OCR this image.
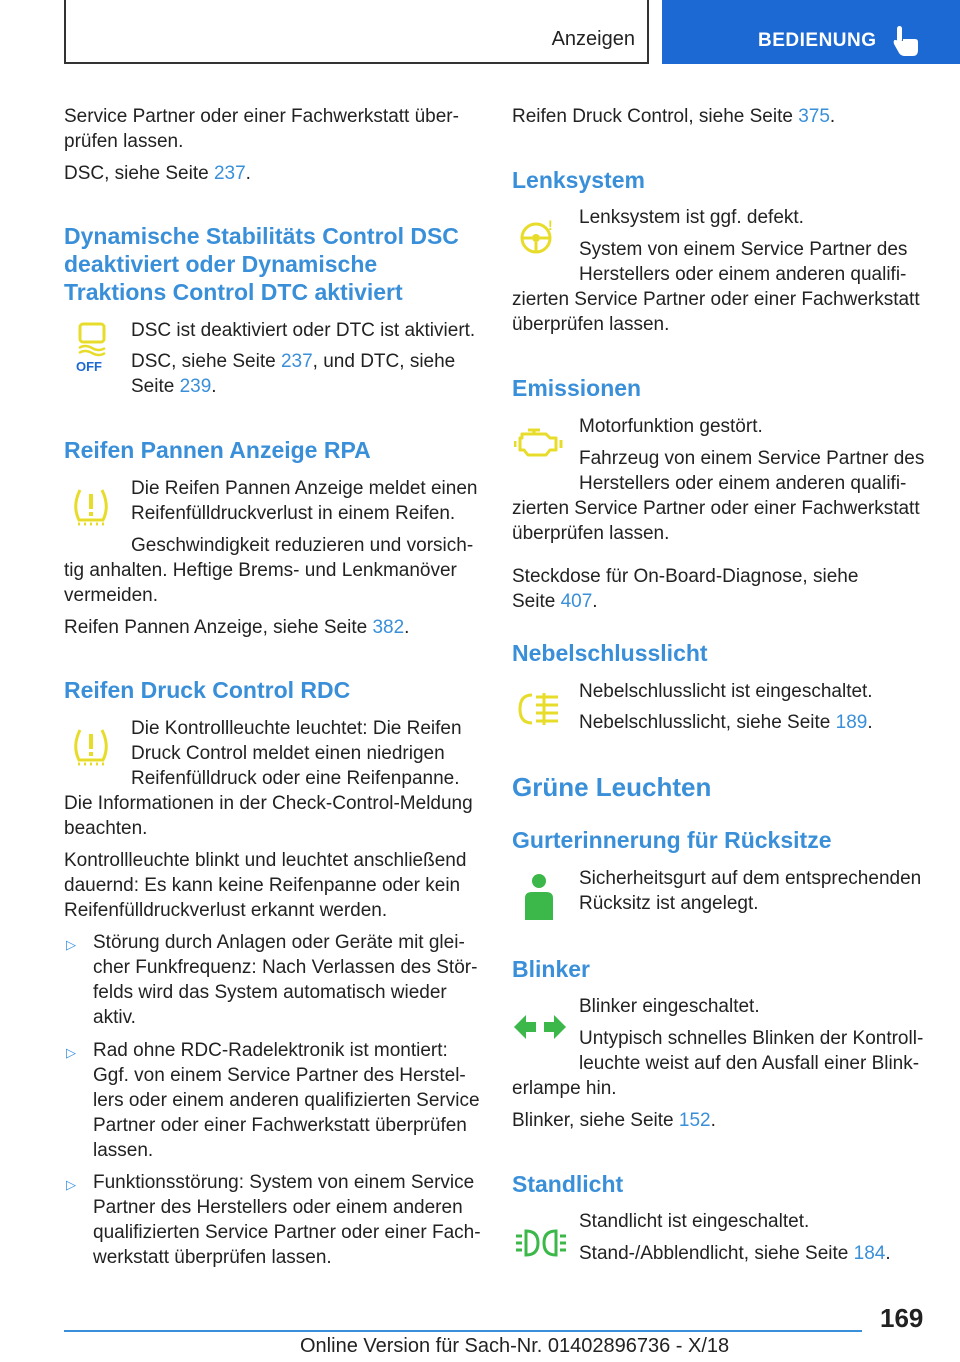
Anzeigen	BEDIENUNG

Service Partner oder einer Fachwerkstatt über‐

prüfen lassen.

DSC, siehe Seite 237.

Dynamische Stabilitäts Control DSC

deaktiviert oder Dynamische

Traktions Control DTC aktiviert

OFF

DSC ist deaktiviert oder DTC ist aktiviert.

DSC, siehe Seite 237, und DTC, siehe

Seite 239.

Reifen Pannen Anzeige RPA

Die Reifen Pannen Anzeige meldet einen

Reifenfülldruckverlust in einem Reifen.

Geschwindigkeit reduzieren und vorsich‐

tig anhalten. Heftige Brems- und Lenkmanöver

vermeiden.

Reifen Pannen Anzeige, siehe Seite 382.

Reifen Druck Control RDC

Die Kontrollleuchte leuchtet: Die Reifen

Druck Control meldet einen niedrigen

Reifenfülldruck oder eine Reifenpanne.

Die Informationen in der Check-Control-Meldung

beachten.

Kontrollleuchte blinkt und leuchtet anschließend

dauernd: Es kann keine Reifenpanne oder kein

Reifenfülldruckverlust erkannt werden.

▷ Störung durch Anlagen oder Geräte mit glei‐

cher Funkfrequenz: Nach Verlassen des Stör‐

felds wird das System automatisch wieder

aktiv.

▷ Rad ohne RDC-Radelektronik ist montiert:

Ggf. von einem Service Partner des Herstel‐

lers oder einem anderen qualifizierten Service

Partner oder einer Fachwerkstatt überprüfen

lassen.

▷ Funktionsstörung: System von einem Service

Partner des Herstellers oder einem anderen

qualifizierten Service Partner oder einer Fach‐

werkstatt überprüfen lassen.

Reifen Druck Control, siehe Seite 375.

Lenksystem

! Lenksystem ist ggf. defekt.

System von einem Service Partner des

Herstellers oder einem anderen qualifi‐

zierten Service Partner oder einer Fachwerkstatt

überprüfen lassen.

Emissionen

Motorfunktion gestört.

Fahrzeug von einem Service Partner des

Herstellers oder einem anderen qualifi‐

zierten Service Partner oder einer Fachwerkstatt

überprüfen lassen.

Steckdose für On-Board-Diagnose, siehe

Seite 407.

Nebelschlusslicht

Nebelschlusslicht ist eingeschaltet.

Nebelschlusslicht, siehe Seite 189.

Grüne Leuchten

Gurterinnerung für Rücksitze

Sicherheitsgurt auf dem entsprechenden

Rücksitz ist angelegt.

Blinker

Blinker eingeschaltet.

Untypisch schnelles Blinken der Kontroll‐

leuchte weist auf den Ausfall einer Blink‐

erlampe hin.

Blinker, siehe Seite 152.

Standlicht

Standlicht ist eingeschaltet.

Stand-/Abblendlicht, siehe Seite 184.

169
Online Version für Sach-Nr. 01402896736 - X/18
